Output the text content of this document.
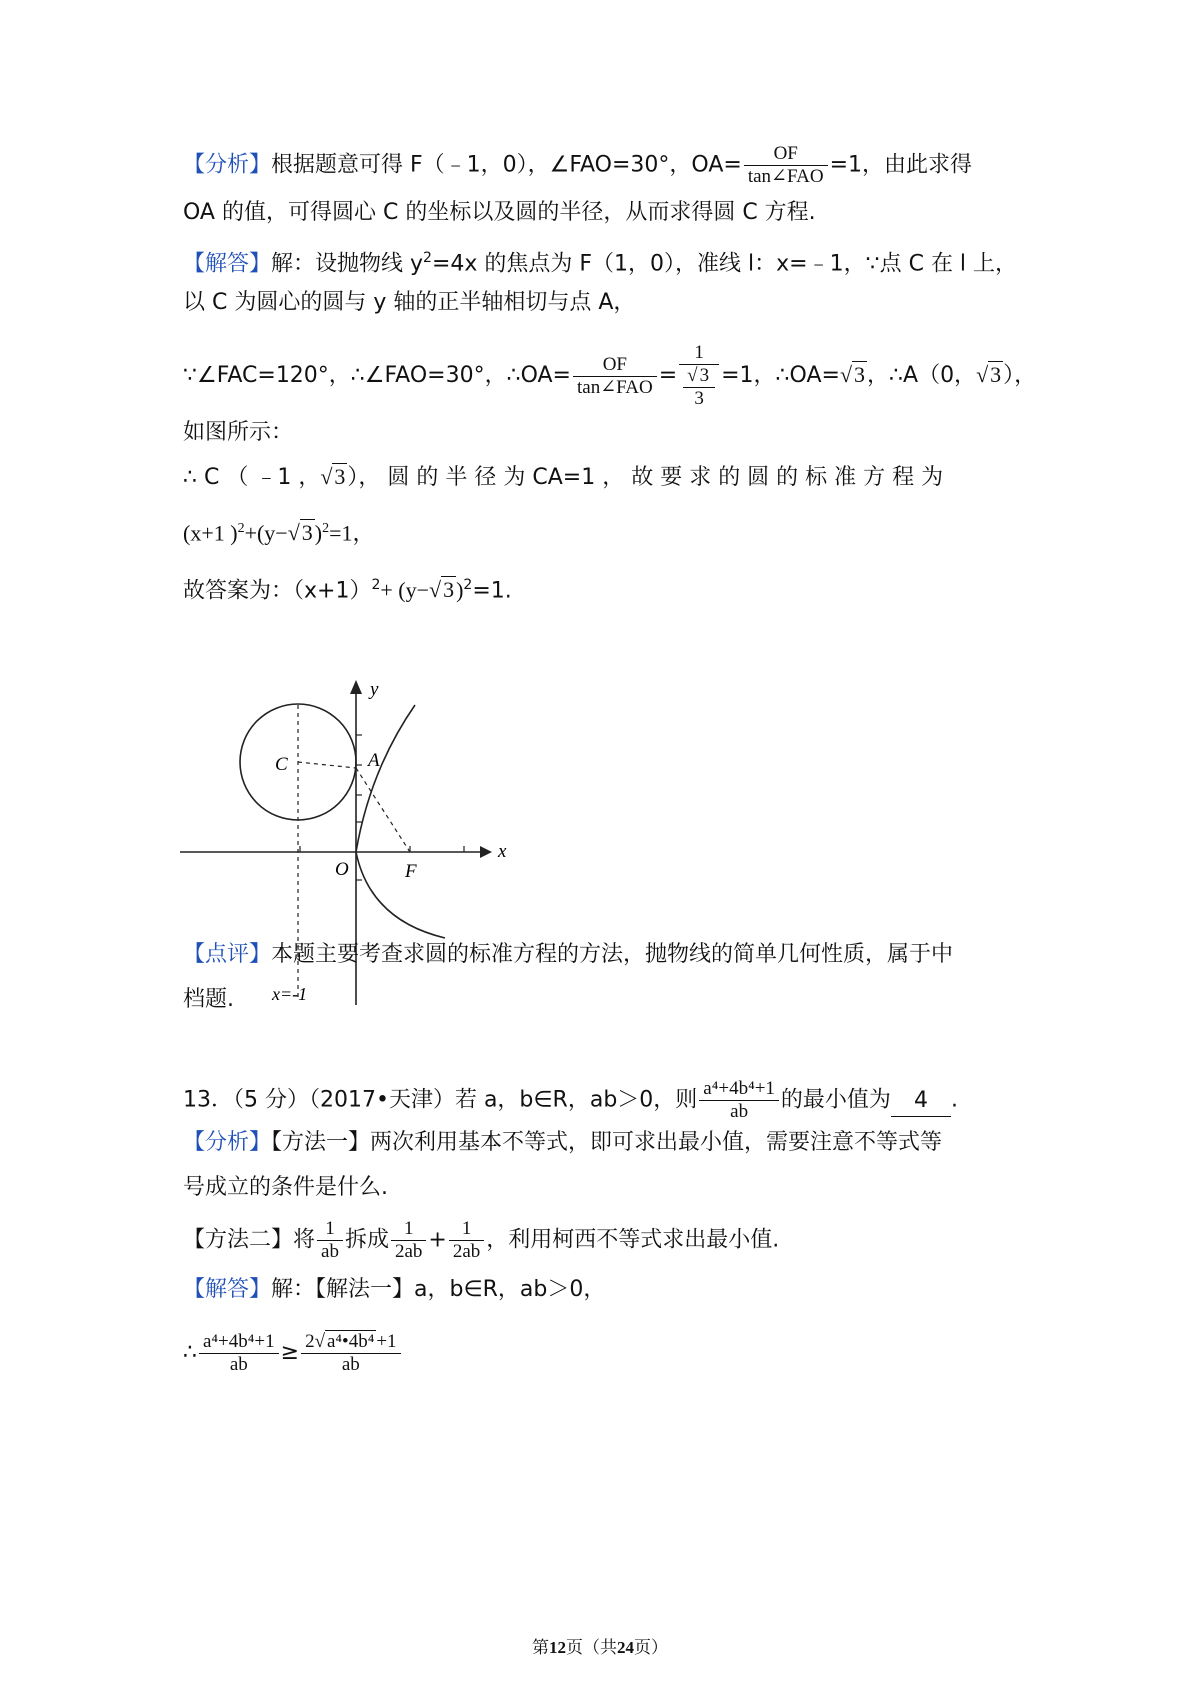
【分析】根据题意可得 F（﹣1，0），∠FAO=30°，$OA= \frac{OF}{\text{tan∠FAO}} =1$，由此求得
OA 的值，可得圆心 C 的坐标以及圆的半径，从而求得圆 C 方程.
【解答】解：设抛物线 $y^2=4x$ 的焦点为 F（1，0），准线 l：x=﹣1，∵点 C 在 l 上，
以 C 为圆心的圆与 y 轴的正半轴相切与点 A，
∵∠FAC=120°，∴∠FAO=30°，∴OA= $\frac{OF}{\text{tan∠FAO}} = \frac{1}{\frac{√ 3}{3}} =1$，∴OA=√3，∴A（0，√3），
如图所示：
∴ C （ ﹣1 ，√3）， 圆 的 半 径 为 CA=1 ， 故 要 求 的 圆 的 标 准 方 程 为
(x+1 )$^2+(y-√3)^2=1$，
故答案为：$(x+1)^2+ (y-√3)^2=1$.
y
x
C	A
O	F
x=-1
【点评】本题主要考查求圆的标准方程的方法，抛物线的简单几何性质，属于中
档题.
13．（5 分）（2017•天津）若 a，b∈R，ab＞0，则 $\frac{\text{a⁴+4b⁴+1}}{ab}$ 的最小值为 4 .
【分析】【方法一】两次利用基本不等式，即可求出最小值，需要注意不等式等
号成立的条件是什么.
【方法二】将 $\frac{1}{ab}$ 拆成 $\frac{1}{2ab} + \frac{1}{2ab}$ ，利用柯西不等式求出最小值.
【解答】解：【解法一】a，b∈R，ab＞0，
∴ $\frac{\text{a⁴+4b⁴+1}}{ab} \ge \frac{\text{2√ a⁴•4b⁴ +1}}{ab}$
第12页（共24页）
